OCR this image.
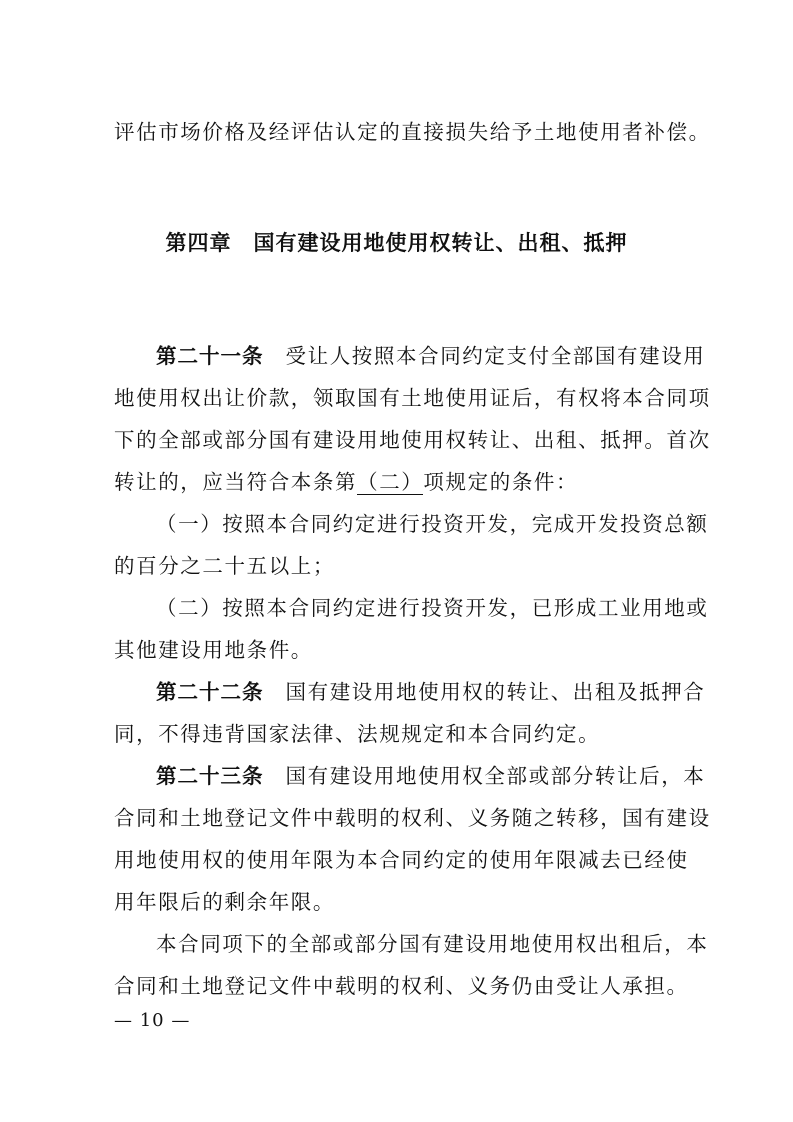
评估市场价格及经评估认定的直接损失给予土地使用者补偿。
第四章 国有建设用地使用权转让、出租、抵押
第二十一条 受让人按照本合同约定支付全部国有建设用
地使用权出让价款，领取国有土地使用证后，有权将本合同项
下的全部或部分国有建设用地使用权转让、出租、抵押。首次
转让的，应当符合本条第（二）项规定的条件：
（一）按照本合同约定进行投资开发，完成开发投资总额
的百分之二十五以上；
（二）按照本合同约定进行投资开发，已形成工业用地或
其他建设用地条件。
第二十二条 国有建设用地使用权的转让、出租及抵押合
同，不得违背国家法律、法规规定和本合同约定。
第二十三条 国有建设用地使用权全部或部分转让后，本
合同和土地登记文件中载明的权利、义务随之转移，国有建设
用地使用权的使用年限为本合同约定的使用年限减去已经使
用年限后的剩余年限。
本合同项下的全部或部分国有建设用地使用权出租后，本
合同和土地登记文件中载明的权利、义务仍由受让人承担。
— 10 —
